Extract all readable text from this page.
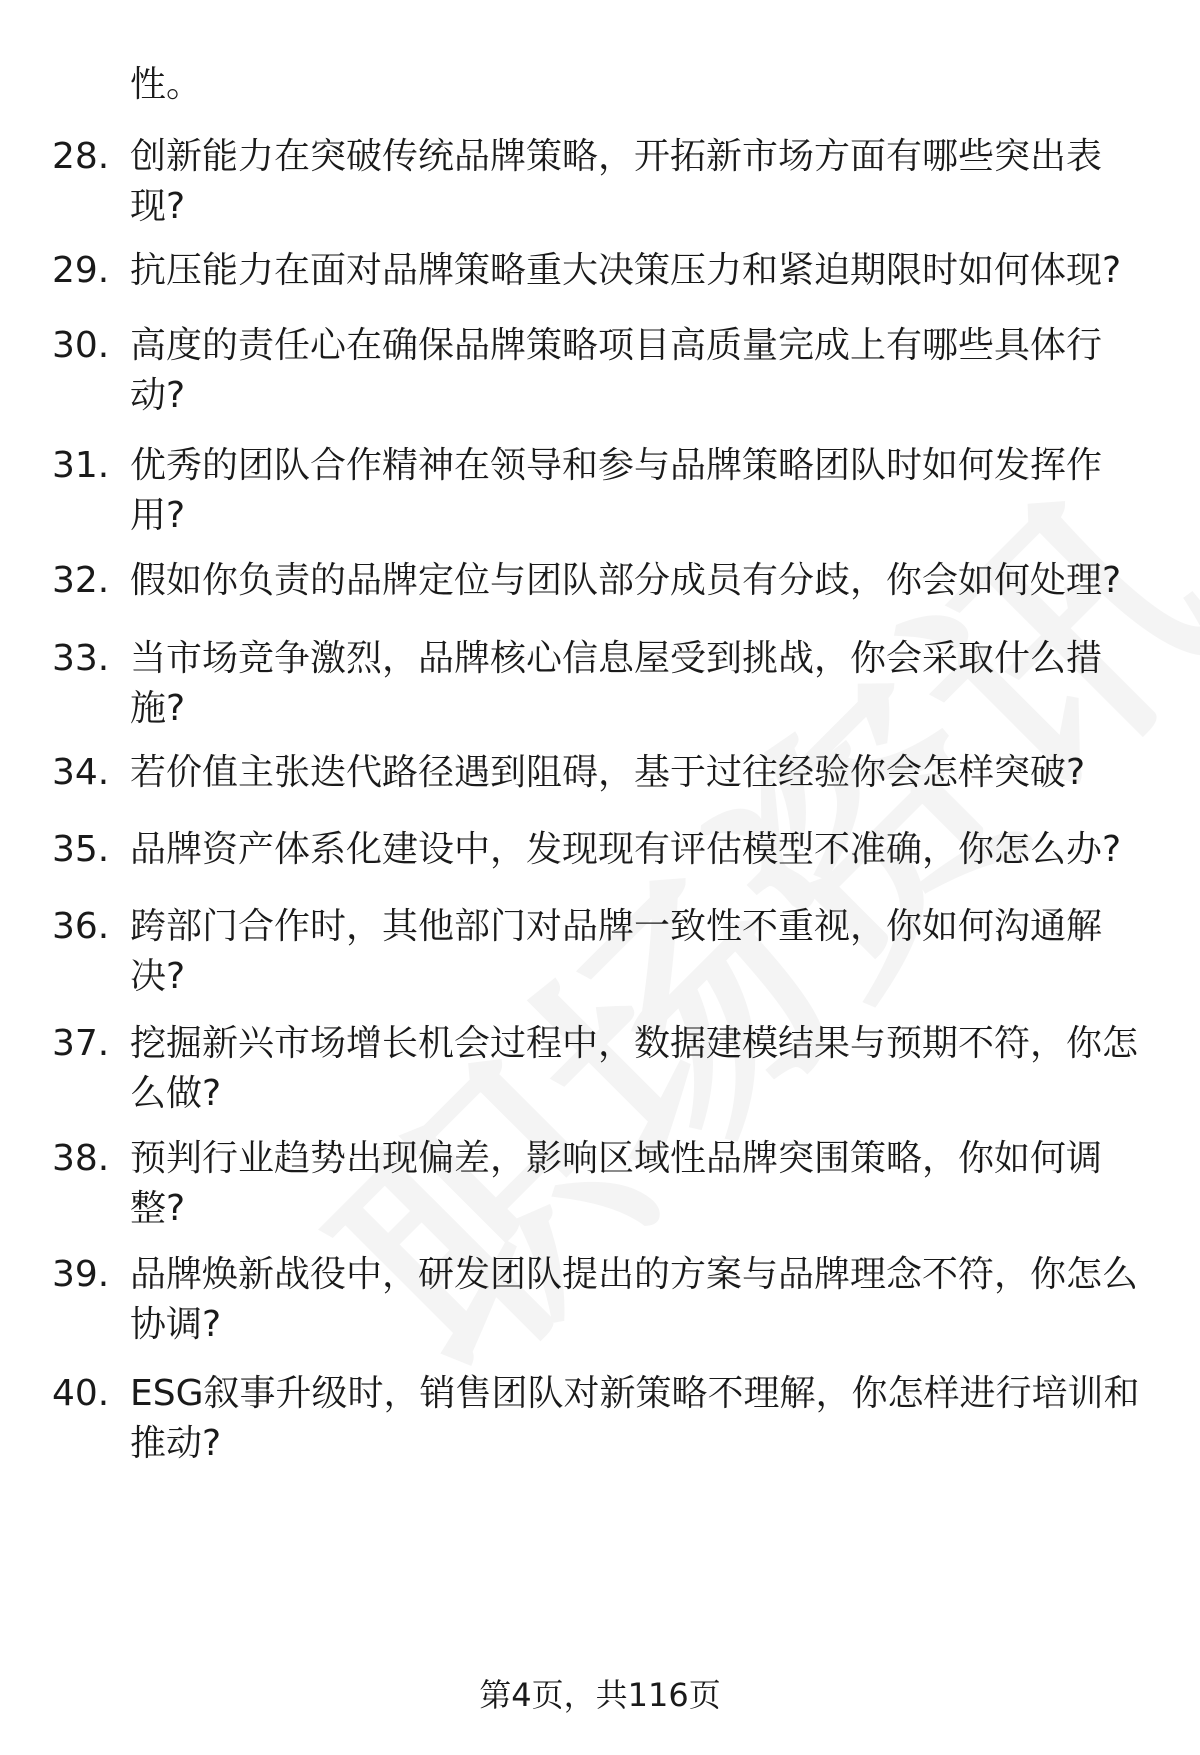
性。
28. 创新能力在突破传统品牌策略，开拓新市场方面有哪些突出表
现?
29. 抗压能力在面对品牌策略重大决策压力和紧迫期限时如何体现?
30. 高度的责任心在确保品牌策略项目高质量完成上有哪些具体行
动?
31. 优秀的团队合作精神在领导和参与品牌策略团队时如何发挥作
用?
32. 假如你负责的品牌定位与团队部分成员有分歧，你会如何处理?
33. 当市场竞争激烈，品牌核心信息屋受到挑战，你会采取什么措
施?
34. 若价值主张迭代路径遇到阻碍，基于过往经验你会怎样突破?
35. 品牌资产体系化建设中，发现现有评估模型不准确，你怎么办?
36. 跨部门合作时，其他部门对品牌一致性不重视，你如何沟通解
决?
37. 挖掘新兴市场增长机会过程中，数据建模结果与预期不符，你怎
么做?
38. 预判行业趋势出现偏差，影响区域性品牌突围策略，你如何调
整?
39. 品牌焕新战役中，研发团队提出的方案与品牌理念不符，你怎么
协调?
40. ESG叙事升级时，销售团队对新策略不理解，你怎样进行培训和
推动?
第4页，共116页
